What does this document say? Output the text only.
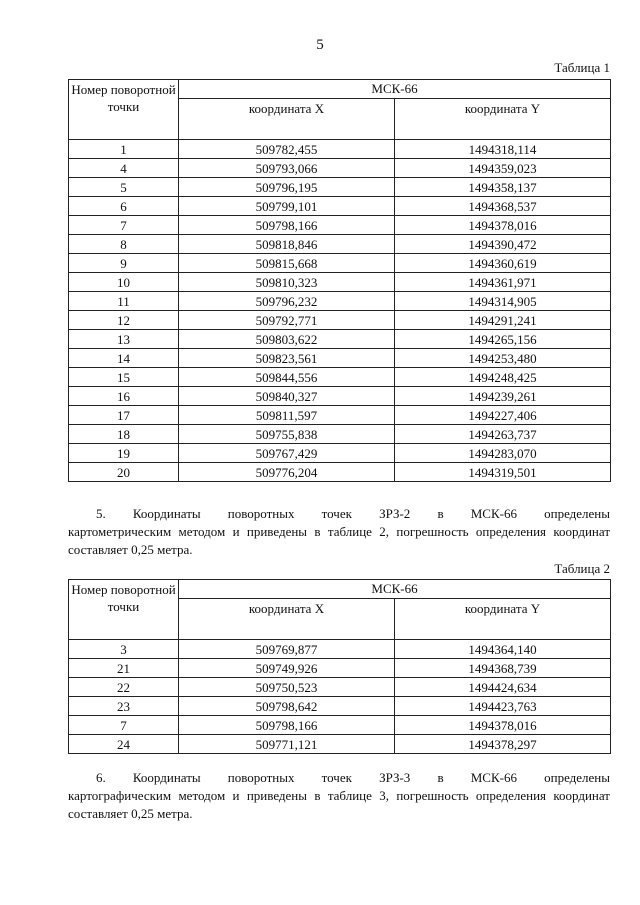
5
Таблица 1
Номер поворотной точки	МСК-66	
	координата X	координата Y
1	509782,455	1494318,114
4	509793,066	1494359,023
5	509796,195	1494358,137
6	509799,101	1494368,537
7	509798,166	1494378,016
8	509818,846	1494390,472
9	509815,668	1494360,619
10	509810,323	1494361,971
11	509796,232	1494314,905
12	509792,771	1494291,241
13	509803,622	1494265,156
14	509823,561	1494253,480
15	509844,556	1494248,425
16	509840,327	1494239,261
17	509811,597	1494227,406
18	509755,838	1494263,737
19	509767,429	1494283,070
20	509776,204	1494319,501
5. Координаты поворотных точек ЗРЗ-2 в МСК-66 определены
картометрическим методом и приведены в таблице 2, погрешность определения координат составляет 0,25 метра.
Таблица 2
Номер поворотной точки	МСК-66	
	координата X	координата Y
3	509769,877	1494364,140
21	509749,926	1494368,739
22	509750,523	1494424,634
23	509798,642	1494423,763
7	509798,166	1494378,016
24	509771,121	1494378,297
6. Координаты поворотных точек ЗРЗ-3 в МСК-66 определены
картографическим методом и приведены в таблице 3, погрешность определения координат составляет 0,25 метра.
